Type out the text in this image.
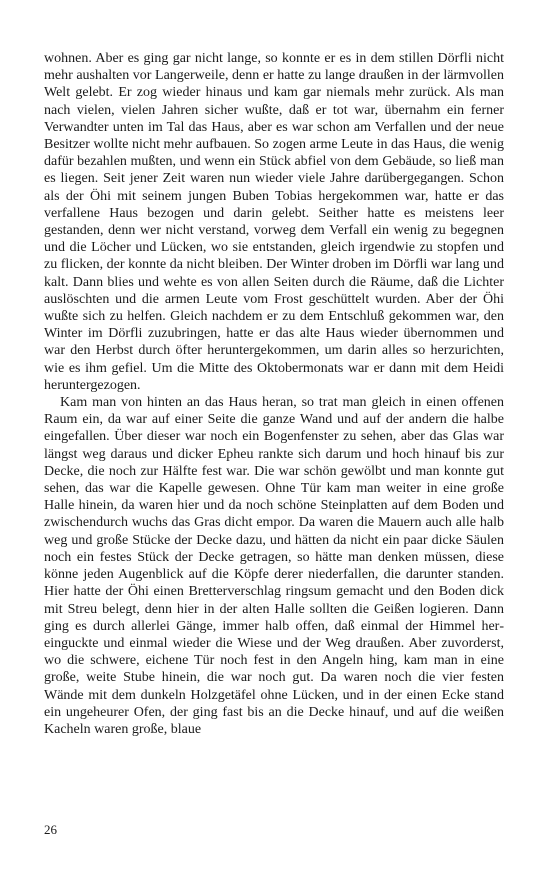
wohnen. Aber es ging gar nicht lange, so konnte er es in dem stillen Dörfli nicht mehr aushalten vor Langerweile, denn er hatte zu lange draußen in der lärmvollen Welt gelebt. Er zog wieder hinaus und kam gar niemals mehr zurück. Als man nach vielen, vielen Jahren sicher wußte, daß er tot war, übernahm ein ferner Verwandter unten im Tal das Haus, aber es war schon am Verfallen und der neue Besitzer wollte nicht mehr aufbauen. So zogen arme Leute in das Haus, die wenig dafür bezahlen mußten, und wenn ein Stück abfiel von dem Gebäude, so ließ man es liegen. Seit jener Zeit waren nun wieder viele Jahre darübergegangen. Schon als der Öhi mit seinem jungen Buben Tobias hergekommen war, hatte er das verfallene Haus bezogen und darin gelebt. Seither hatte es meistens leer gestanden, denn wer nicht verstand, vorweg dem Verfall ein wenig zu begegnen und die Löcher und Lücken, wo sie entstanden, gleich irgendwie zu stopfen und zu flicken, der konnte da nicht bleiben. Der Winter droben im Dörfli war lang und kalt. Dann blies und wehte es von allen Seiten durch die Räume, daß die Lichter auslöschten und die armen Leute vom Frost geschüttelt wurden. Aber der Öhi wußte sich zu helfen. Gleich nachdem er zu dem Entschluß gekommen war, den Winter im Dörfli zuzubringen, hatte er das alte Haus wieder übernommen und war den Herbst durch öfter heruntergekommen, um darin alles so herzurichten, wie es ihm gefiel. Um die Mitte des Oktobermonats war er dann mit dem Heidi heruntergezogen.

Kam man von hinten an das Haus heran, so trat man gleich in einen offenen Raum ein, da war auf einer Seite die ganze Wand und auf der andern die halbe eingefallen. Über dieser war noch ein Bogenfenster zu sehen, aber das Glas war längst weg daraus und dicker Epheu rankte sich darum und hoch hinauf bis zur Decke, die noch zur Hälfte fest war. Die war schön gewölbt und man konnte gut sehen, das war die Kapelle gewesen. Ohne Tür kam man weiter in eine große Halle hinein, da waren hier und da noch schöne Steinplatten auf dem Boden und zwischendurch wuchs das Gras dicht empor. Da waren die Mauern auch alle halb weg und große Stücke der Decke dazu, und hätten da nicht ein paar dicke Säulen noch ein festes Stück der Decke getragen, so hätte man denken müssen, diese könne jeden Augenblick auf die Köpfe derer niederfallen, die darunter standen. Hier hatte der Öhi einen Bretterverschlag ringsum gemacht und den Boden dick mit Streu belegt, denn hier in der alten Halle sollten die Geißen logieren. Dann ging es durch allerlei Gänge, immer halb offen, daß einmal der Himmel hereinguckte und einmal wieder die Wiese und der Weg draußen. Aber zuvorderst, wo die schwere, eichene Tür noch fest in den Angeln hing, kam man in eine große, weite Stube hinein, die war noch gut. Da waren noch die vier festen Wände mit dem dunkeln Holzgetäfel ohne Lücken, und in der einen Ecke stand ein ungeheurer Ofen, der ging fast bis an die Decke hinauf, und auf die weißen Kacheln waren große, blaue

26
